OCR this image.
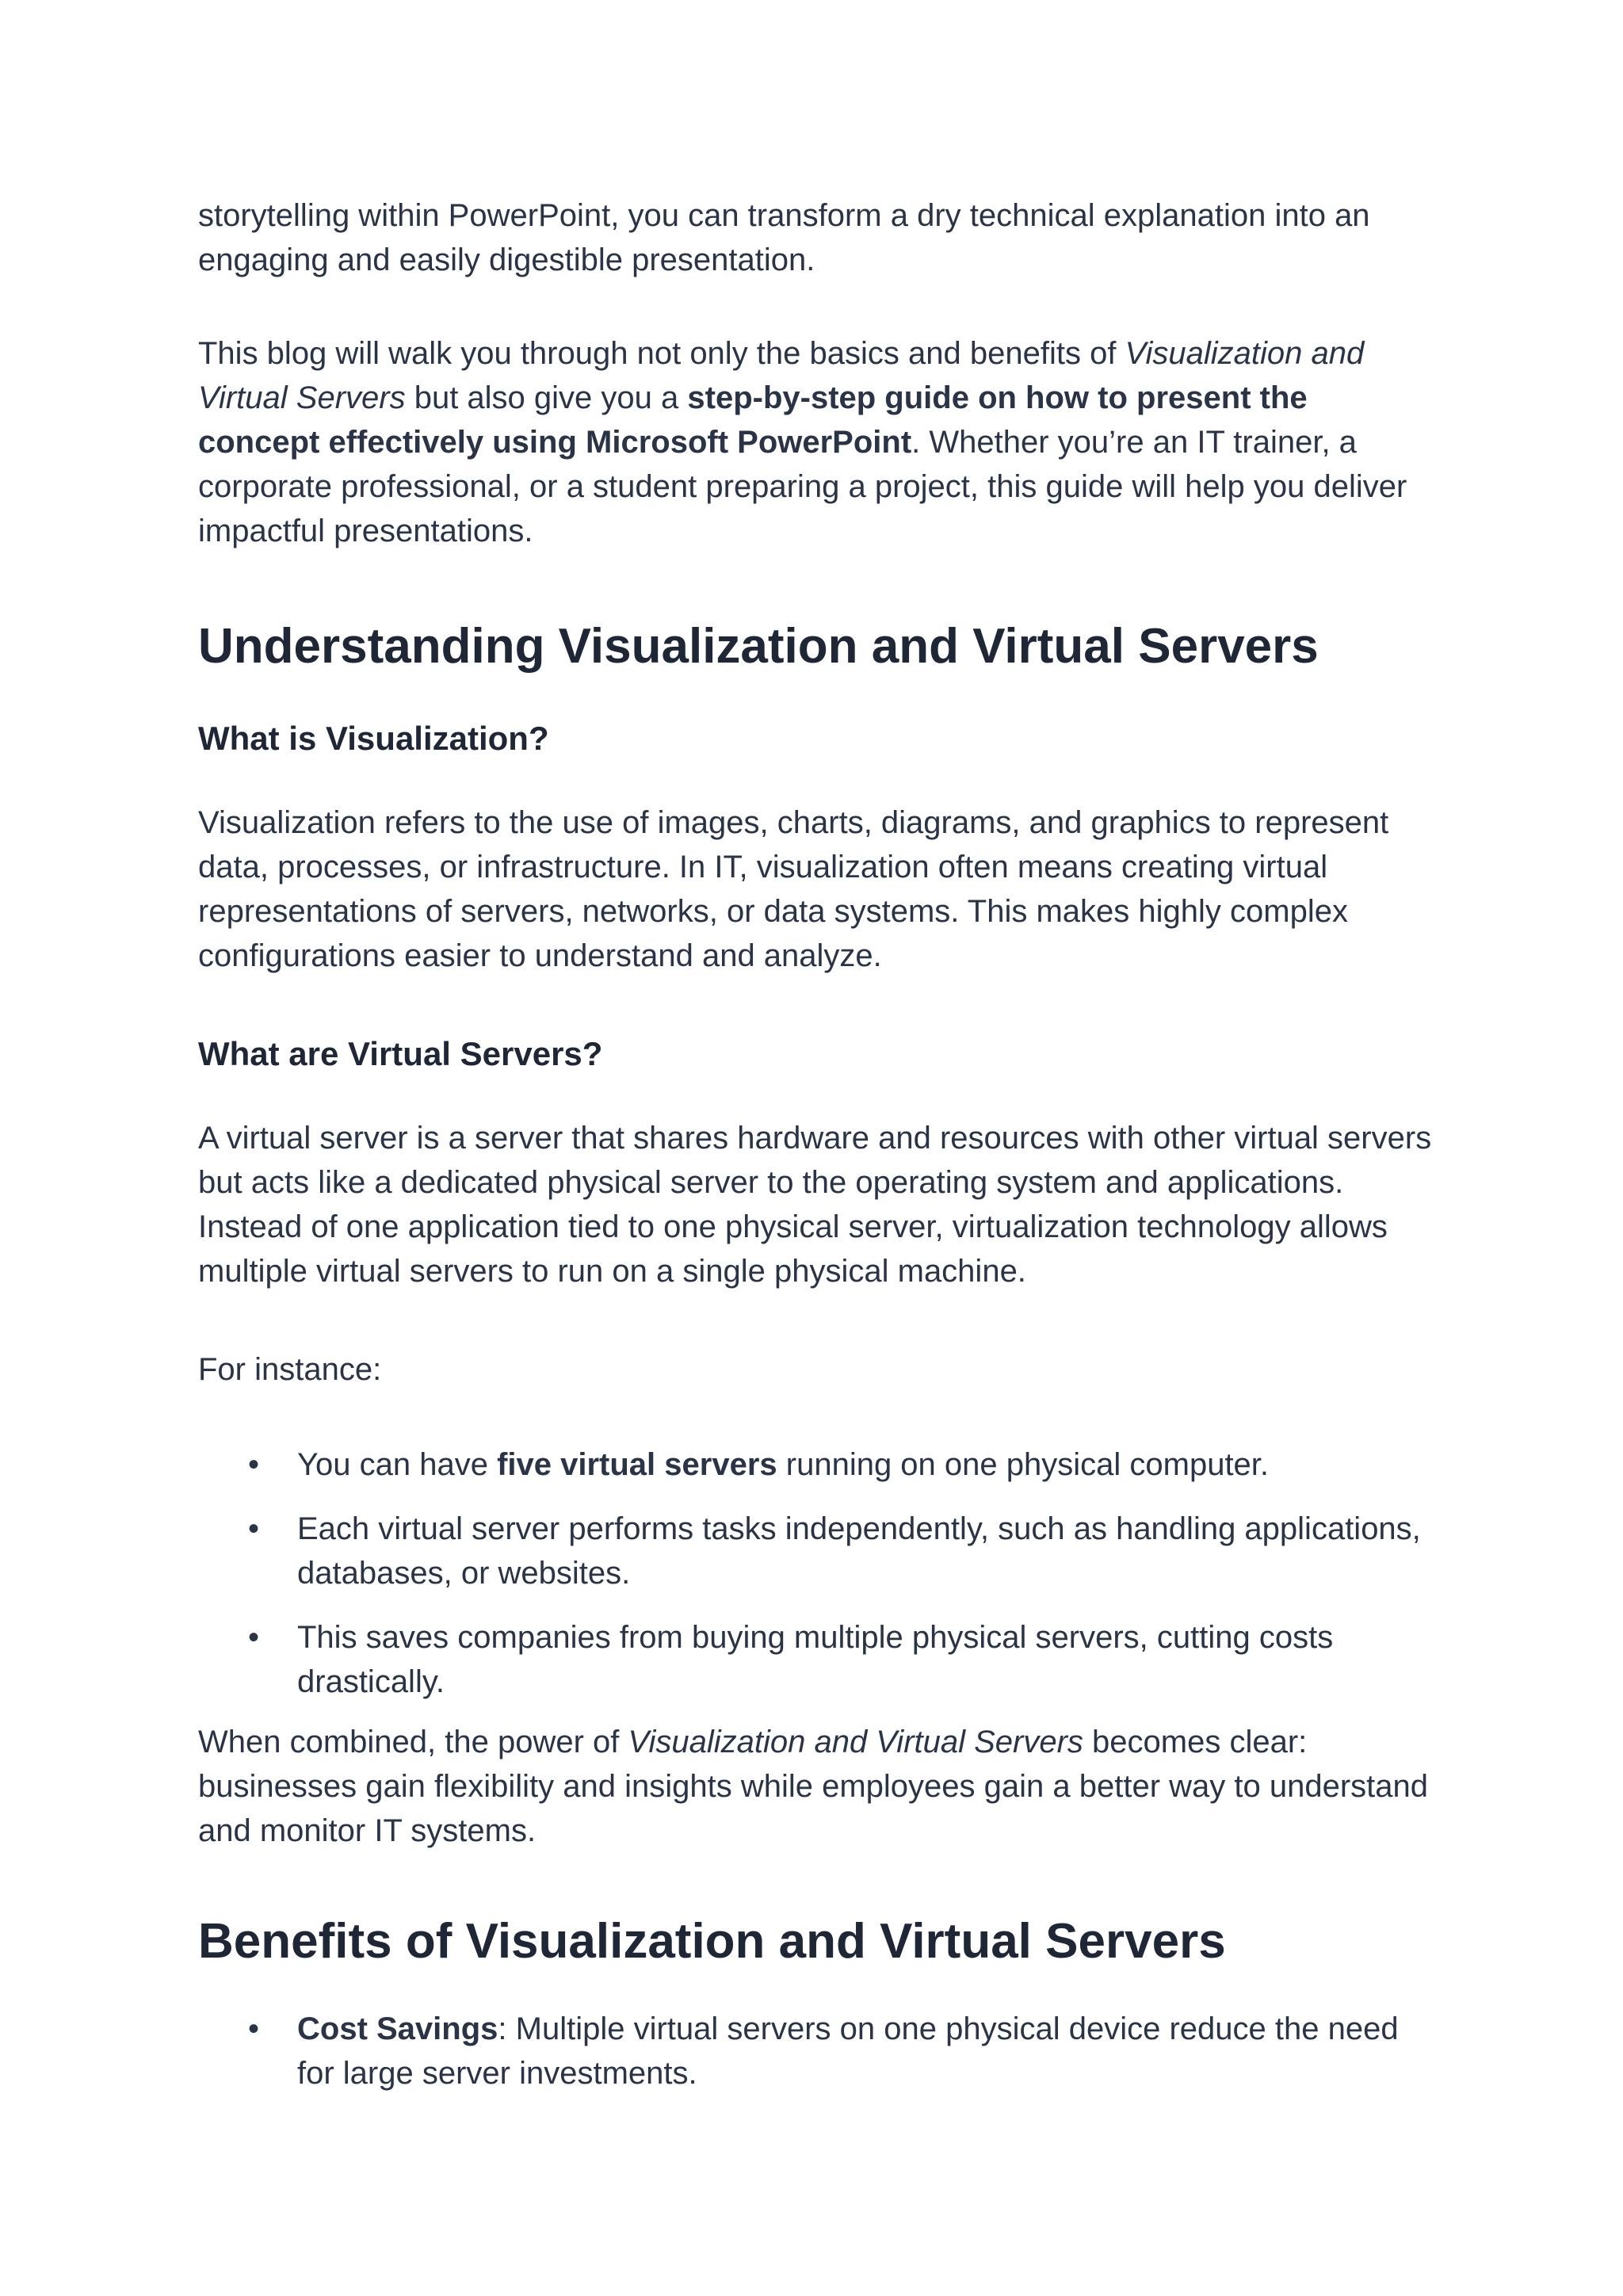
storytelling within PowerPoint, you can transform a dry technical explanation into an engaging and easily digestible presentation.

This blog will walk you through not only the basics and benefits of Visualization and Virtual Servers but also give you a step-by-step guide on how to present the concept effectively using Microsoft PowerPoint. Whether you’re an IT trainer, a corporate professional, or a student preparing a project, this guide will help you deliver impactful presentations.

Understanding Visualization and Virtual Servers
What is Visualization?

Visualization refers to the use of images, charts, diagrams, and graphics to represent data, processes, or infrastructure. In IT, visualization often means creating virtual representations of servers, networks, or data systems. This makes highly complex configurations easier to understand and analyze.

What are Virtual Servers?

A virtual server is a server that shares hardware and resources with other virtual servers but acts like a dedicated physical server to the operating system and applications. Instead of one application tied to one physical server, virtualization technology allows multiple virtual servers to run on a single physical machine.

For instance:

• You can have five virtual servers running on one physical computer.
• Each virtual server performs tasks independently, such as handling applications, databases, or websites.
• This saves companies from buying multiple physical servers, cutting costs drastically.

When combined, the power of Visualization and Virtual Servers becomes clear: businesses gain flexibility and insights while employees gain a better way to understand and monitor IT systems.

Benefits of Visualization and Virtual Servers
• Cost Savings: Multiple virtual servers on one physical device reduce the need for large server investments.
